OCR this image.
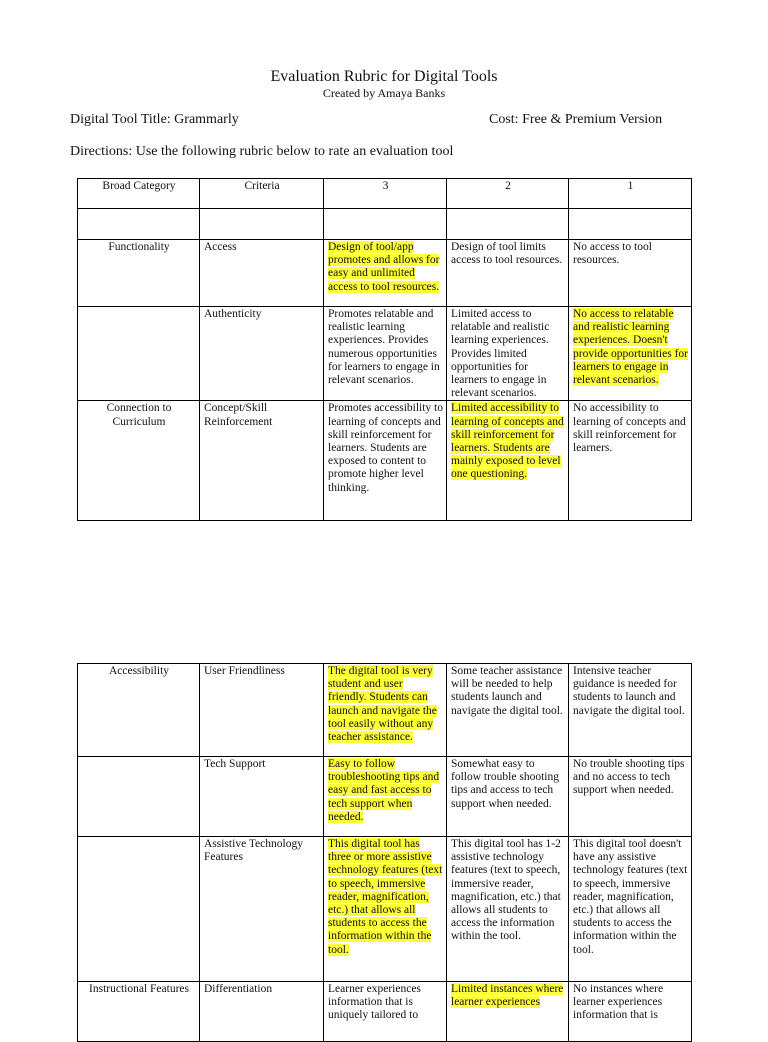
Evaluation Rubric for Digital Tools
Created by Amaya Banks
Digital Tool Title: Grammarly	Cost: Free & Premium Version
Directions: Use the following rubric below to rate an evaluation tool
Broad Category	Criteria	3	2	1

Functionality	Access	Design of tool/app promotes and allows for easy and unlimited access to tool resources.	Design of tool limits access to tool resources.	No access to tool resources.
	Authenticity	Promotes relatable and realistic learning experiences. Provides numerous opportunities for learners to engage in relevant scenarios.	Limited access to relatable and realistic learning experiences. Provides limited opportunities for learners to engage in relevant scenarios.	No access to relatable and realistic learning experiences. Doesn't provide opportunities for learners to engage in relevant scenarios.
Connection to Curriculum	Concept/Skill Reinforcement	Promotes accessibility to learning of concepts and skill reinforcement for learners. Students are exposed to content to promote higher level thinking.	Limited accessibility to learning of concepts and skill reinforcement for learners. Students are mainly exposed to level one questioning.	No accessibility to learning of concepts and skill reinforcement for learners.
Accessibility	User Friendliness	The digital tool is very student and user friendly. Students can launch and navigate the tool easily without any teacher assistance.	Some teacher assistance will be needed to help students launch and navigate the digital tool.	Intensive teacher guidance is needed for students to launch and navigate the digital tool.
	Tech Support	Easy to follow troubleshooting tips and easy and fast access to tech support when needed.	Somewhat easy to follow trouble shooting tips and access to tech support when needed.	No trouble shooting tips and no access to tech support when needed.
	Assistive Technology Features	This digital tool has three or more assistive technology features (text to speech, immersive reader, magnification, etc.) that allows all students to access the information within the tool.	This digital tool has 1-2 assistive technology features (text to speech, immersive reader, magnification, etc.) that allows all students to access the information within the tool.	This digital tool doesn't have any assistive technology features (text to speech, immersive reader, magnification, etc.) that allows all students to access the information within the tool.
Instructional Features	Differentiation	Learner experiences information that is uniquely tailored to	Limited instances where learner experiences	No instances where learner experiences information that is
